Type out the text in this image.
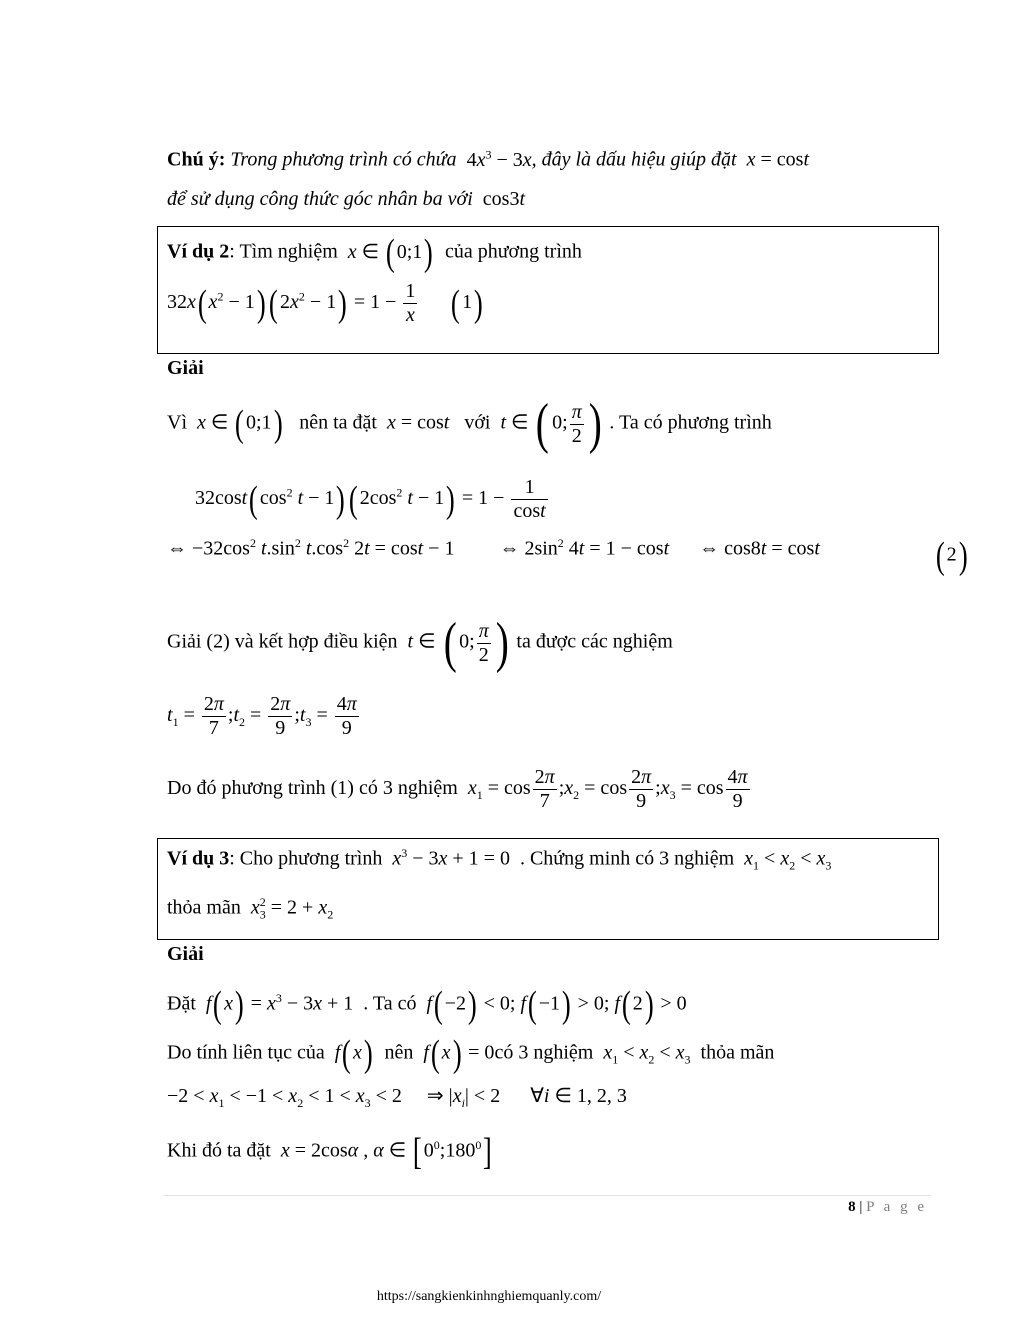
Chú ý: Trong phương trình có chứa  $4x^3 - 3x$, đây là dấu hiệu giúp đặt x = cost
để sử dụng công thức góc nhân ba với  cos3t
Ví dụ 2: Tìm nghiệm x ∈ (0;1) của phương trình
$32x(x^2 - 1)(2x^2 - 1) = 1 - \frac{1}{x} (1)$
Giải
Vì x ∈ (0;1) nên ta đặt x = cost với t ∈ ( 0; $\frac{\pi}{2}$ ) . Ta có phương trình
$32\cos t(\cos^2$ $t - 1)(2\cos^2$ $t - 1) = 1 - \frac{1}{\cos t}$
⇔ $-32\cos^2$ $t.\sin^2$ $t.\cos^2$ 2t = cost − 1         ⇔ $2\sin^2$ 4t = 1 − cost      ⇔ cos8t = cost	(2)
Giải (2) và kết hợp điều kiện t ∈ ( 0; $\frac{\pi}{2}$ ) ta được các nghiệm
$t_1 = \frac{2\pi}{7}$ $;t_2 = \frac{2\pi}{9}$ $;t_3 = \frac{4\pi}{9}$
Do đó phương trình (1) có 3 nghiệm $x_1 = \cos \frac{2\pi}{7}$ $;x_2 = \cos \frac{2\pi}{9}$ $;x_3 = \cos \frac{4\pi}{9}$
Ví dụ 3: Cho phương trình $x^3 - 3x + 1 = 0$  . Chứng minh có 3 nghiệm $x_1 < x_2 < x_3$
thỏa mãn $x_3^2 = 2 + x_2$
Giải
Đặt $f(x) = x^3 - 3x + 1$  . Ta có f(−2) < 0; f(−1) > 0; f(2) > 0
Do tính liên tục của f(x) nên f(x) = 0có 3 nghiệm $x_1 < x_2 < x_3$ thỏa mãn
$-2 < x_1 < -1 < x_2 < 1 < x_3 < 2$     ⇒ $|x_i| < 2$      ∀i ∈ 1, 2, 3
Khi đó ta đặt x = 2cosα , α ∈ $[0^0;180^0]$
8 | P a g e
https://sangkienkinhnghiemquanly.com/
